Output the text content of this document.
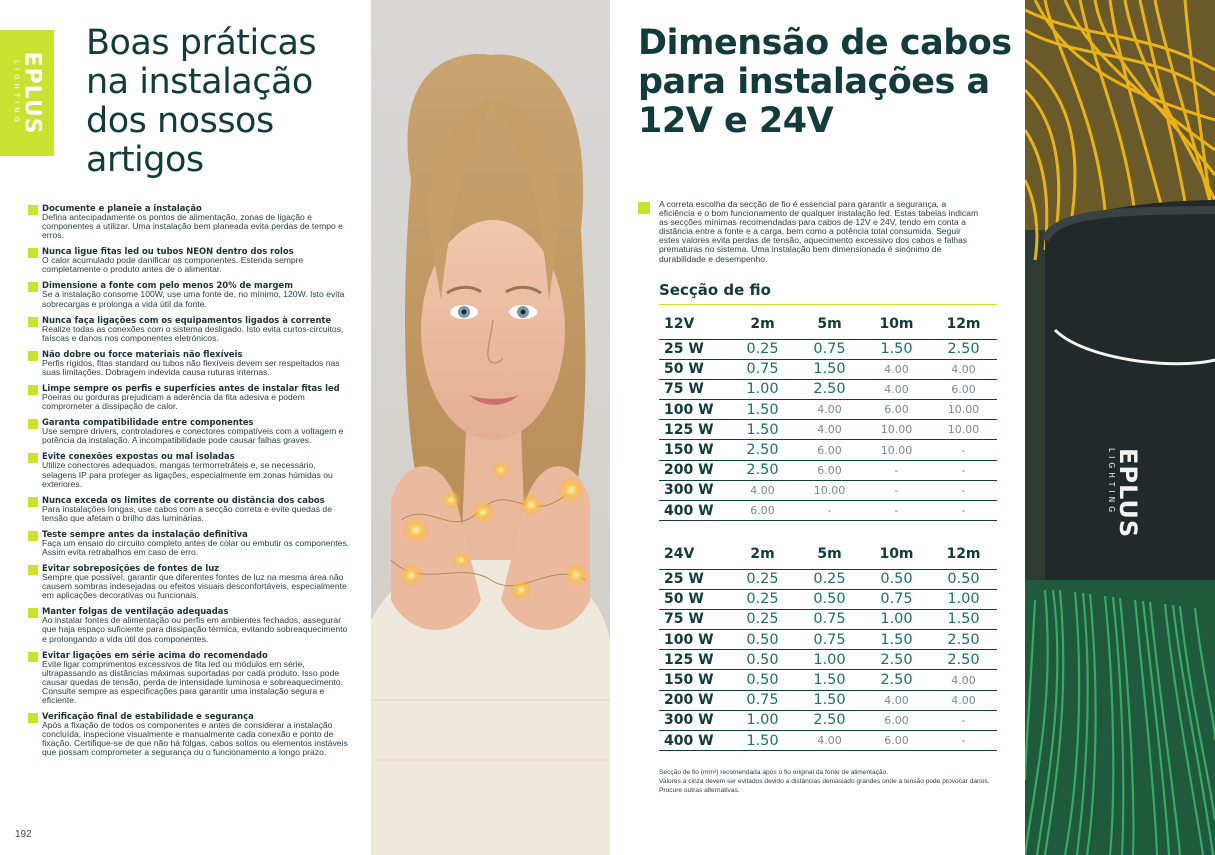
EPLUS
LIGHTING
Boas práticas na instalação dos nossos artigos
Documente e planeie a instalação
Defina antecipadamente os pontos de alimentação, zonas de ligação e componentes a utilizar. Uma instalação bem planeada evita perdas de tempo e erros.
Nunca ligue fitas led ou tubos NEON dentro dos rolos
O calor acumulado pode danificar os componentes. Estenda sempre completamente o produto antes de o alimentar.
Dimensione a fonte com pelo menos 20% de margem
Se a instalação consome 100W, use uma fonte de, no mínimo, 120W. Isto evita sobrecargas e prolonga a vida útil da fonte.
Nunca faça ligações com os equipamentos ligados à corrente
Realize todas as conexões com o sistema desligado. Isto evita curtos-circuitos, faíscas e danos nos componentes eletrónicos.
Não dobre ou force materiais não flexíveis
Perfis rígidos, fitas standard ou tubos não flexíveis devem ser respeitados nas suas limitações. Dobragem indevida causa ruturas internas.
Limpe sempre os perfis e superfícies antes de instalar fitas led
Poeiras ou gorduras prejudicam a aderência da fita adesiva e podem comprometer a dissipação de calor.
Garanta compatibilidade entre componentes
Use sempre drivers, controladores e conectores compatíveis com a voltagem e potência da instalação. A incompatibilidade pode causar falhas graves.
Evite conexões expostas ou mal isoladas
Utilize conectores adequados, mangas termorretráteis e, se necessário, selagens IP para proteger as ligações, especialmente em zonas húmidas ou exteriores.
Nunca exceda os limites de corrente ou distância dos cabos
Para instalações longas, use cabos com a secção correta e evite quedas de tensão que afetam o brilho das luminárias.
Teste sempre antes da instalação definitiva
Faça um ensaio do circuito completo antes de colar ou embutir os componentes. Assim evita retrabalhos em caso de erro.
Evitar sobreposições de fontes de luz
Sempre que possível, garantir que diferentes fontes de luz na mesma área não causem sombras indesejadas ou efeitos visuais desconfortáveis, especialmente em aplicações decorativas ou funcionais.
Manter folgas de ventilação adequadas
Ao instalar fontes de alimentação ou perfis em ambientes fechados, assegurar que haja espaço suficiente para dissipação térmica, evitando sobreaquecimento e prolongando a vida útil dos componentes.
Evitar ligações em série acima do recomendado
Evite ligar comprimentos excessivos de fita led ou módulos em série, ultrapassando as distâncias máximas suportadas por cada produto. Isso pode causar quedas de tensão, perda de intensidade luminosa e sobreaquecimento. Consulte sempre as especificações para garantir uma instalação segura e eficiente.
Verificação final de estabilidade e segurança
Após a fixação de todos os componentes e antes de considerar a instalação concluída, inspecione visualmente e manualmente cada conexão e ponto de fixação. Certifique-se de que não há folgas, cabos soltos ou elementos instáveis que possam comprometer a segurança ou o funcionamento a longo prazo.
192
Dimensão de cabos para instalações a 12V e 24V

A correta escolha da secção de fio é essencial para garantir a segurança, a eficiência e o bom funcionamento de qualquer instalação led. Estas tabelas indicam as secções mínimas recomendadas para cabos de 12V e 24V, tendo em conta a distância entre a fonte e a carga, bem como a potência total consumida. Seguir estes valores evita perdas de tensão, aquecimento excessivo dos cabos e falhas prematuras no sistema. Uma instalação bem dimensionada é sinónimo de durabilidade e desempenho.

Secção de fio
12V	2m	5m	10m	12m
25 W	0.25	0.75	1.50	2.50
50 W	0.75	1.50	4.00	4.00
75 W	1.00	2.50	4.00	6.00
100 W	1.50	4.00	6.00	10.00
125 W	1.50	4.00	10.00	10.00
150 W	2.50	6.00	10.00	-
200 W	2.50	6.00	-	-
300 W	4.00	10.00	-	-
400 W	6.00	-	-	-
24V	2m	5m	10m	12m
25 W	0.25	0.25	0.50	0.50
50 W	0.25	0.50	0.75	1.00
75 W	0.25	0.75	1.00	1.50
100 W	0.50	0.75	1.50	2.50
125 W	0.50	1.00	2.50	2.50
150 W	0.50	1.50	2.50	4.00
200 W	0.75	1.50	4.00	4.00
300 W	1.00	2.50	6.00	-
400 W	1.50	4.00	6.00	-
Secção de fio (mm²) recomendada após o fio original da fonte de alimentação.
Valores a cinza devem ser evitados devido a distâncias demasiado grandes onde a tensão pode provocar danos. Procure outras alternativas.
EPLUS
LIGHTING
